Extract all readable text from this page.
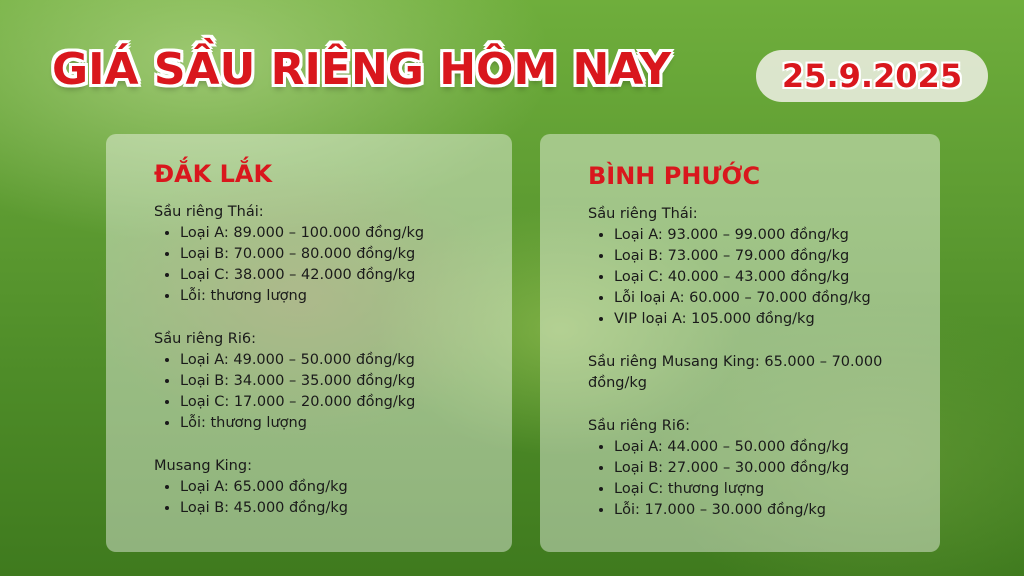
GIÁ SẦU RIÊNG HÔM NAY	25.9.2025
ĐẮK LẮK
Sầu riêng Thái:
• Loại A: 89.000 – 100.000 đồng/kg
• Loại B: 70.000 – 80.000 đồng/kg
• Loại C: 38.000 – 42.000 đồng/kg
• Lỗi: thương lượng
Sầu riêng Ri6:
• Loại A: 49.000 – 50.000 đồng/kg
• Loại B: 34.000 – 35.000 đồng/kg
• Loại C: 17.000 – 20.000 đồng/kg
• Lỗi: thương lượng
Musang King:
• Loại A: 65.000 đồng/kg
• Loại B: 45.000 đồng/kg
BÌNH PHƯỚC
Sầu riêng Thái:
• Loại A: 93.000 – 99.000 đồng/kg
• Loại B: 73.000 – 79.000 đồng/kg
• Loại C: 40.000 – 43.000 đồng/kg
• Lỗi loại A: 60.000 – 70.000 đồng/kg
• VIP loại A: 105.000 đồng/kg
Sầu riêng Musang King: 65.000 – 70.000 đồng/kg
Sầu riêng Ri6:
• Loại A: 44.000 – 50.000 đồng/kg
• Loại B: 27.000 – 30.000 đồng/kg
• Loại C: thương lượng
• Lỗi: 17.000 – 30.000 đồng/kg
